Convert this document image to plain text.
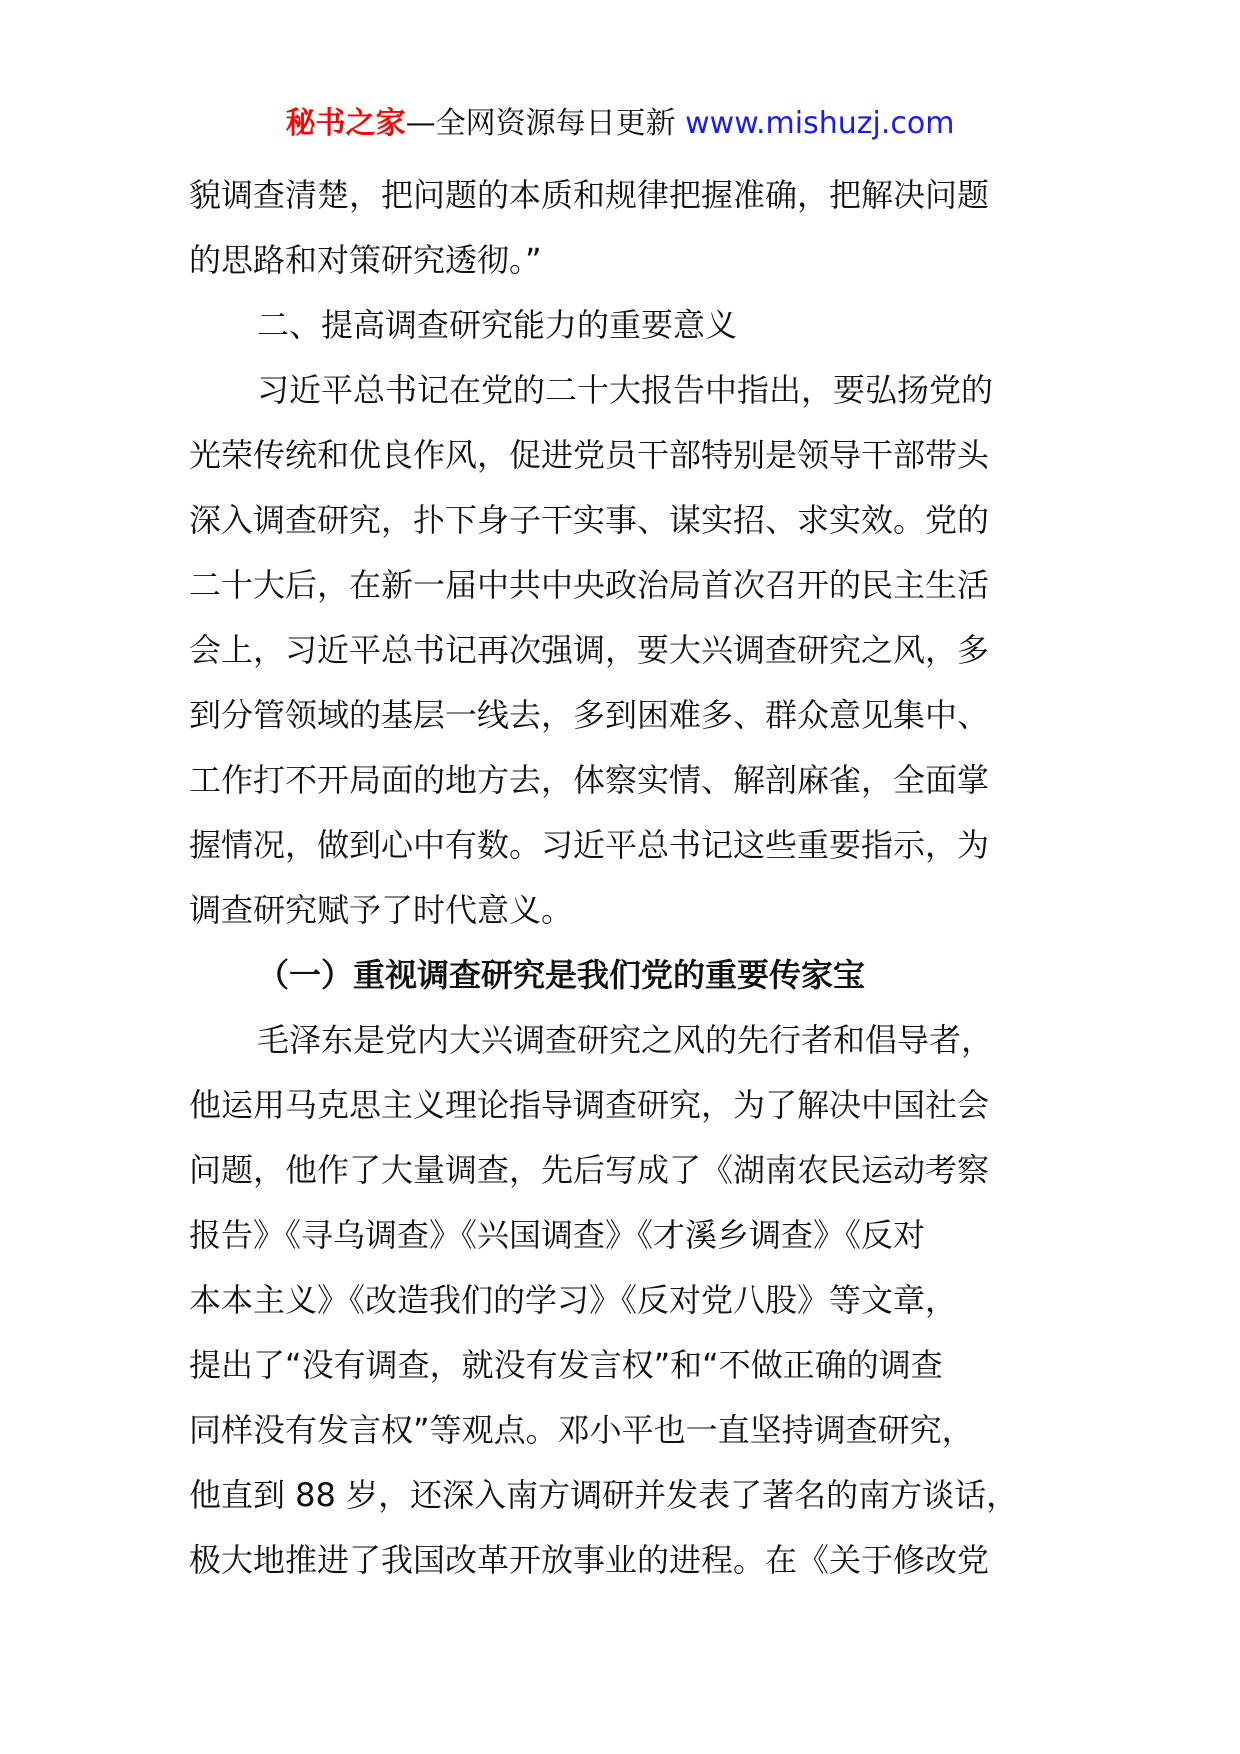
秘书之家—全网资源每日更新 www.mishuzj.com
貌调查清楚，把问题的本质和规律把握准确，把解决问题
的思路和对策研究透彻。”
二、提高调查研究能力的重要意义
习近平总书记在党的二十大报告中指出，要弘扬党的
光荣传统和优良作风，促进党员干部特别是领导干部带头
深入调查研究，扑下身子干实事、谋实招、求实效。党的
二十大后，在新一届中共中央政治局首次召开的民主生活
会上，习近平总书记再次强调，要大兴调查研究之风，多
到分管领域的基层一线去，多到困难多、群众意见集中、
工作打不开局面的地方去，体察实情、解剖麻雀，全面掌
握情况，做到心中有数。习近平总书记这些重要指示，为
调查研究赋予了时代意义。
（一）重视调查研究是我们党的重要传家宝
毛泽东是党内大兴调查研究之风的先行者和倡导者，
他运用马克思主义理论指导调查研究，为了解决中国社会
问题，他作了大量调查，先后写成了《湖南农民运动考察
报告》《寻乌调查》《兴国调查》《才溪乡调查》《反对
本本主义》《改造我们的学习》《反对党八股》等文章，
提出了“没有调查，就没有发言权”和“不做正确的调查
同样没有发言权”等观点。邓小平也一直坚持调查研究，
他直到 88 岁，还深入南方调研并发表了著名的南方谈话，
极大地推进了我国改革开放事业的进程。在《关于修改党
